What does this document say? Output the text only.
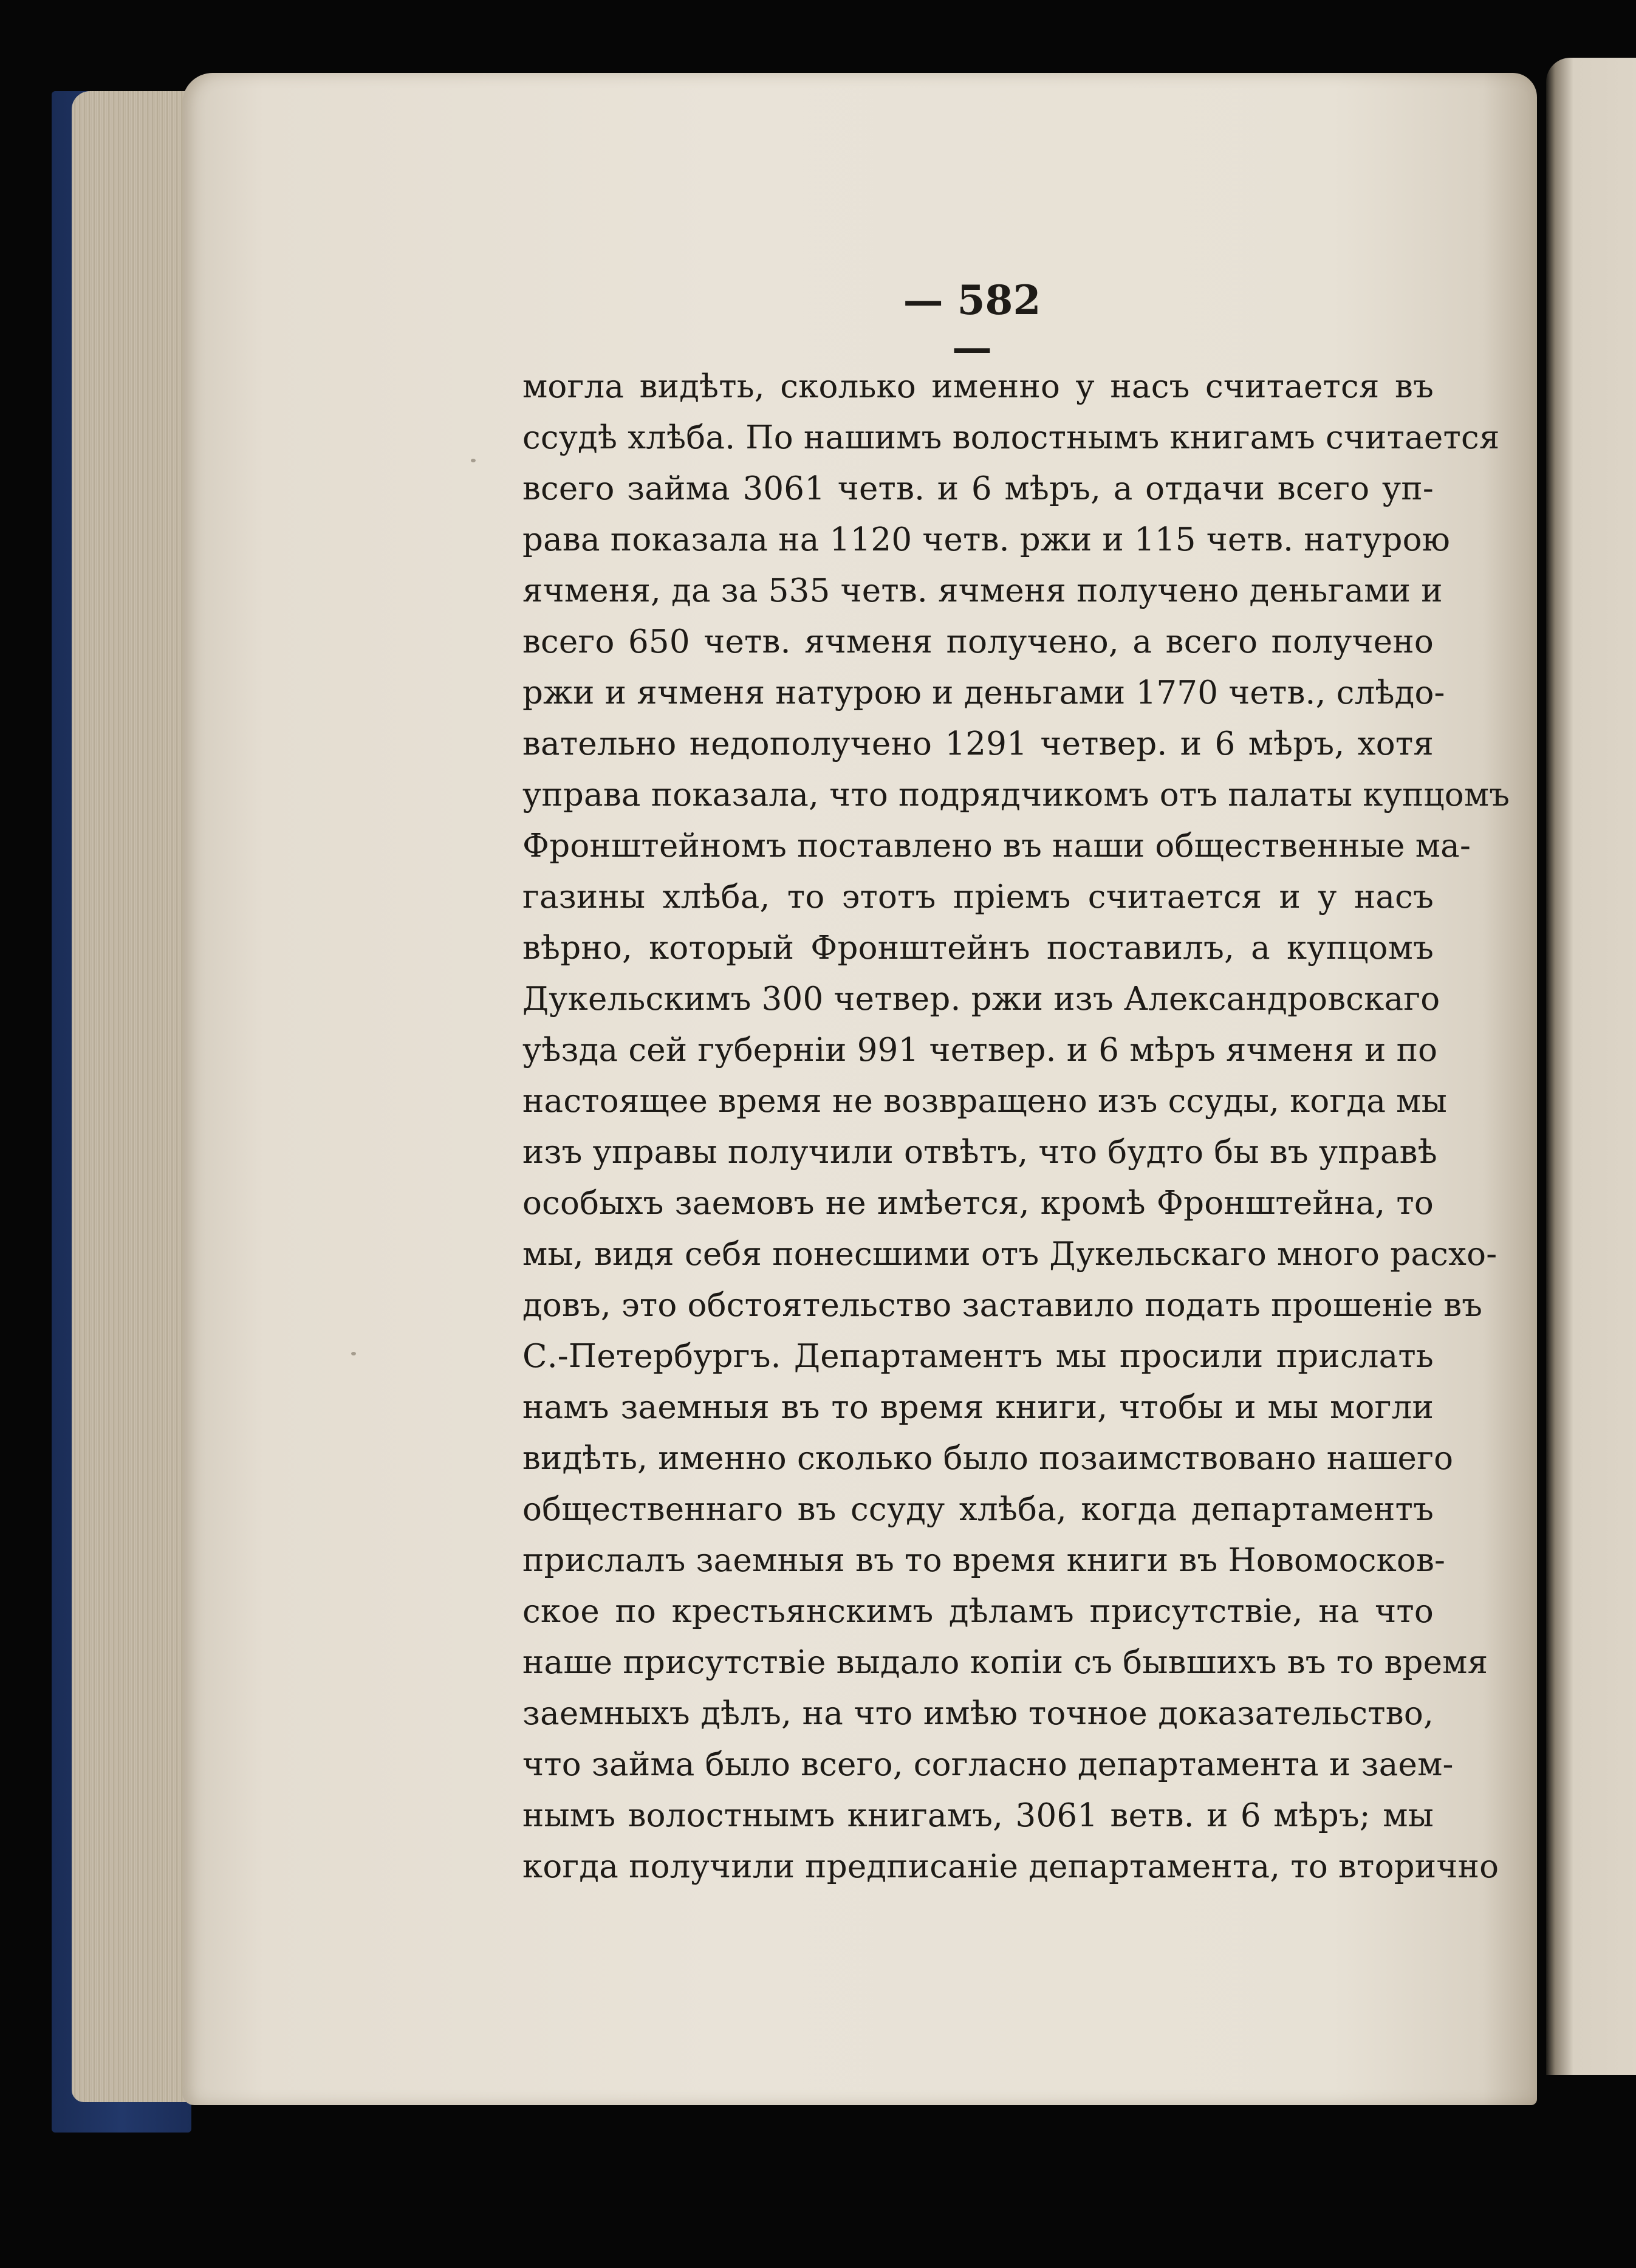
— 582 —
могла видѣть, сколько именно у насъ считается въ
ссудѣ хлѣба. По нашимъ волостнымъ книгамъ считается
всего займа 3061 четв. и 6 мѣръ, а отдачи всего уп-
рава показала на 1120 четв. ржи и 115 четв. натурою
ячменя, да за 535 четв. ячменя получено деньгами и
всего 650 четв. ячменя получено, а всего получено
ржи и ячменя натурою и деньгами 1770 четв., слѣдо-
вательно недополучено 1291 четвер. и 6 мѣръ, хотя
управа показала, что подрядчикомъ отъ палаты купцомъ
Фронштейномъ поставлено въ наши общественные ма-
газины хлѣба, то этотъ пріемъ считается и у насъ
вѣрно, который Фронштейнъ поставилъ, а купцомъ
Дукельскимъ 300 четвер. ржи изъ Александровскаго
уѣзда сей губерніи 991 четвер. и 6 мѣръ ячменя и по
настоящее время не возвращено изъ ссуды, когда мы
изъ управы получили отвѣтъ, что будто бы въ управѣ
особыхъ заемовъ не имѣется, кромѣ Фронштейна, то
мы, видя себя понесшими отъ Дукельскаго много расхо-
довъ, это обстоятельство заставило подать прошеніе въ
С.-Петербургъ. Департаментъ мы просили прислать
намъ заемныя въ то время книги, чтобы и мы могли
видѣть, именно сколько было позаимствовано нашего
общественнаго въ ссуду хлѣба, когда департаментъ
прислалъ заемныя въ то время книги въ Новомосков-
ское по крестьянскимъ дѣламъ присутствіе, на что
наше присутствіе выдало копіи съ бывшихъ въ то время
заемныхъ дѣлъ, на что имѣю точное доказательство,
что займа было всего, согласно департамента и заем-
нымъ волостнымъ книгамъ, 3061 ветв. и 6 мѣръ; мы
когда получили предписаніе департамента, то вторично
